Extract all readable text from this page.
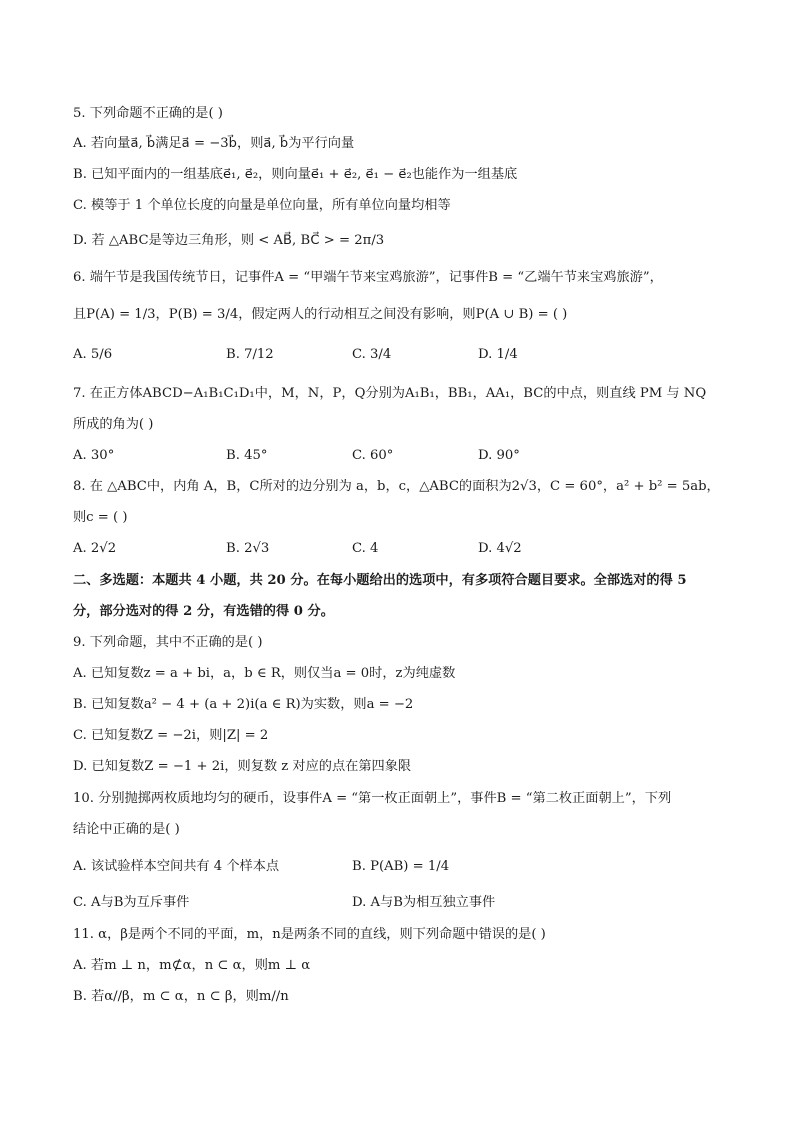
5. 下列命题不正确的是( )
A. 若向量a⃗, b⃗满足a⃗ = −3b⃗，则a⃗, b⃗为平行向量
B. 已知平面内的一组基底e⃗₁, e⃗₂，则向量e⃗₁ + e⃗₂, e⃗₁ − e⃗₂也能作为一组基底
C. 模等于 1 个单位长度的向量是单位向量，所有单位向量均相等
D. 若 △ABC是等边三角形，则 < AB⃗, BC⃗ > = 2π/3
6. 端午节是我国传统节日，记事件A = “甲端午节来宝鸡旅游”，记事件B = “乙端午节来宝鸡旅游”，
且P(A) = 1/3，P(B) = 3/4，假定两人的行动相互之间没有影响，则P(A ∪ B) = ( )
A. 5/6	B. 7/12	C. 3/4	D. 1/4
7. 在正方体ABCD−A₁B₁C₁D₁中，M，N，P，Q分别为A₁B₁，BB₁，AA₁，BC的中点，则直线 PM 与 NQ
所成的角为( )
A. 30°	B. 45°	C. 60°	D. 90°
8. 在 △ABC中，内角 A，B，C所对的边分别为 a，b，c，△ABC的面积为2√3，C = 60°，a² + b² = 5ab，
则c = ( )
A. 2√2	B. 2√3	C. 4	D. 4√2
二、多选题：本题共 4 小题，共 20 分。在每小题给出的选项中，有多项符合题目要求。全部选对的得 5
分，部分选对的得 2 分，有选错的得 0 分。
9. 下列命题，其中不正确的是( )
A. 已知复数z = a + bi，a，b ∈ R，则仅当a = 0时，z为纯虚数
B. 已知复数a² − 4 + (a + 2)i(a ∈ R)为实数，则a = −2
C. 已知复数Z = −2i，则|Z| = 2
D. 已知复数Z = −1 + 2i，则复数 z 对应的点在第四象限
10. 分别抛掷两枚质地均匀的硬币，设事件A = “第一枚正面朝上”，事件B = “第二枚正面朝上”，下列
结论中正确的是( )
A. 该试验样本空间共有 4 个样本点	B. P(AB) = 1/4
C. A与B为互斥事件	D. A与B为相互独立事件
11. α，β是两个不同的平面，m，n是两条不同的直线，则下列命题中错误的是( )
A. 若m ⊥ n，m⊄α，n ⊂ α，则m ⊥ α
B. 若α//β，m ⊂ α，n ⊂ β，则m//n
